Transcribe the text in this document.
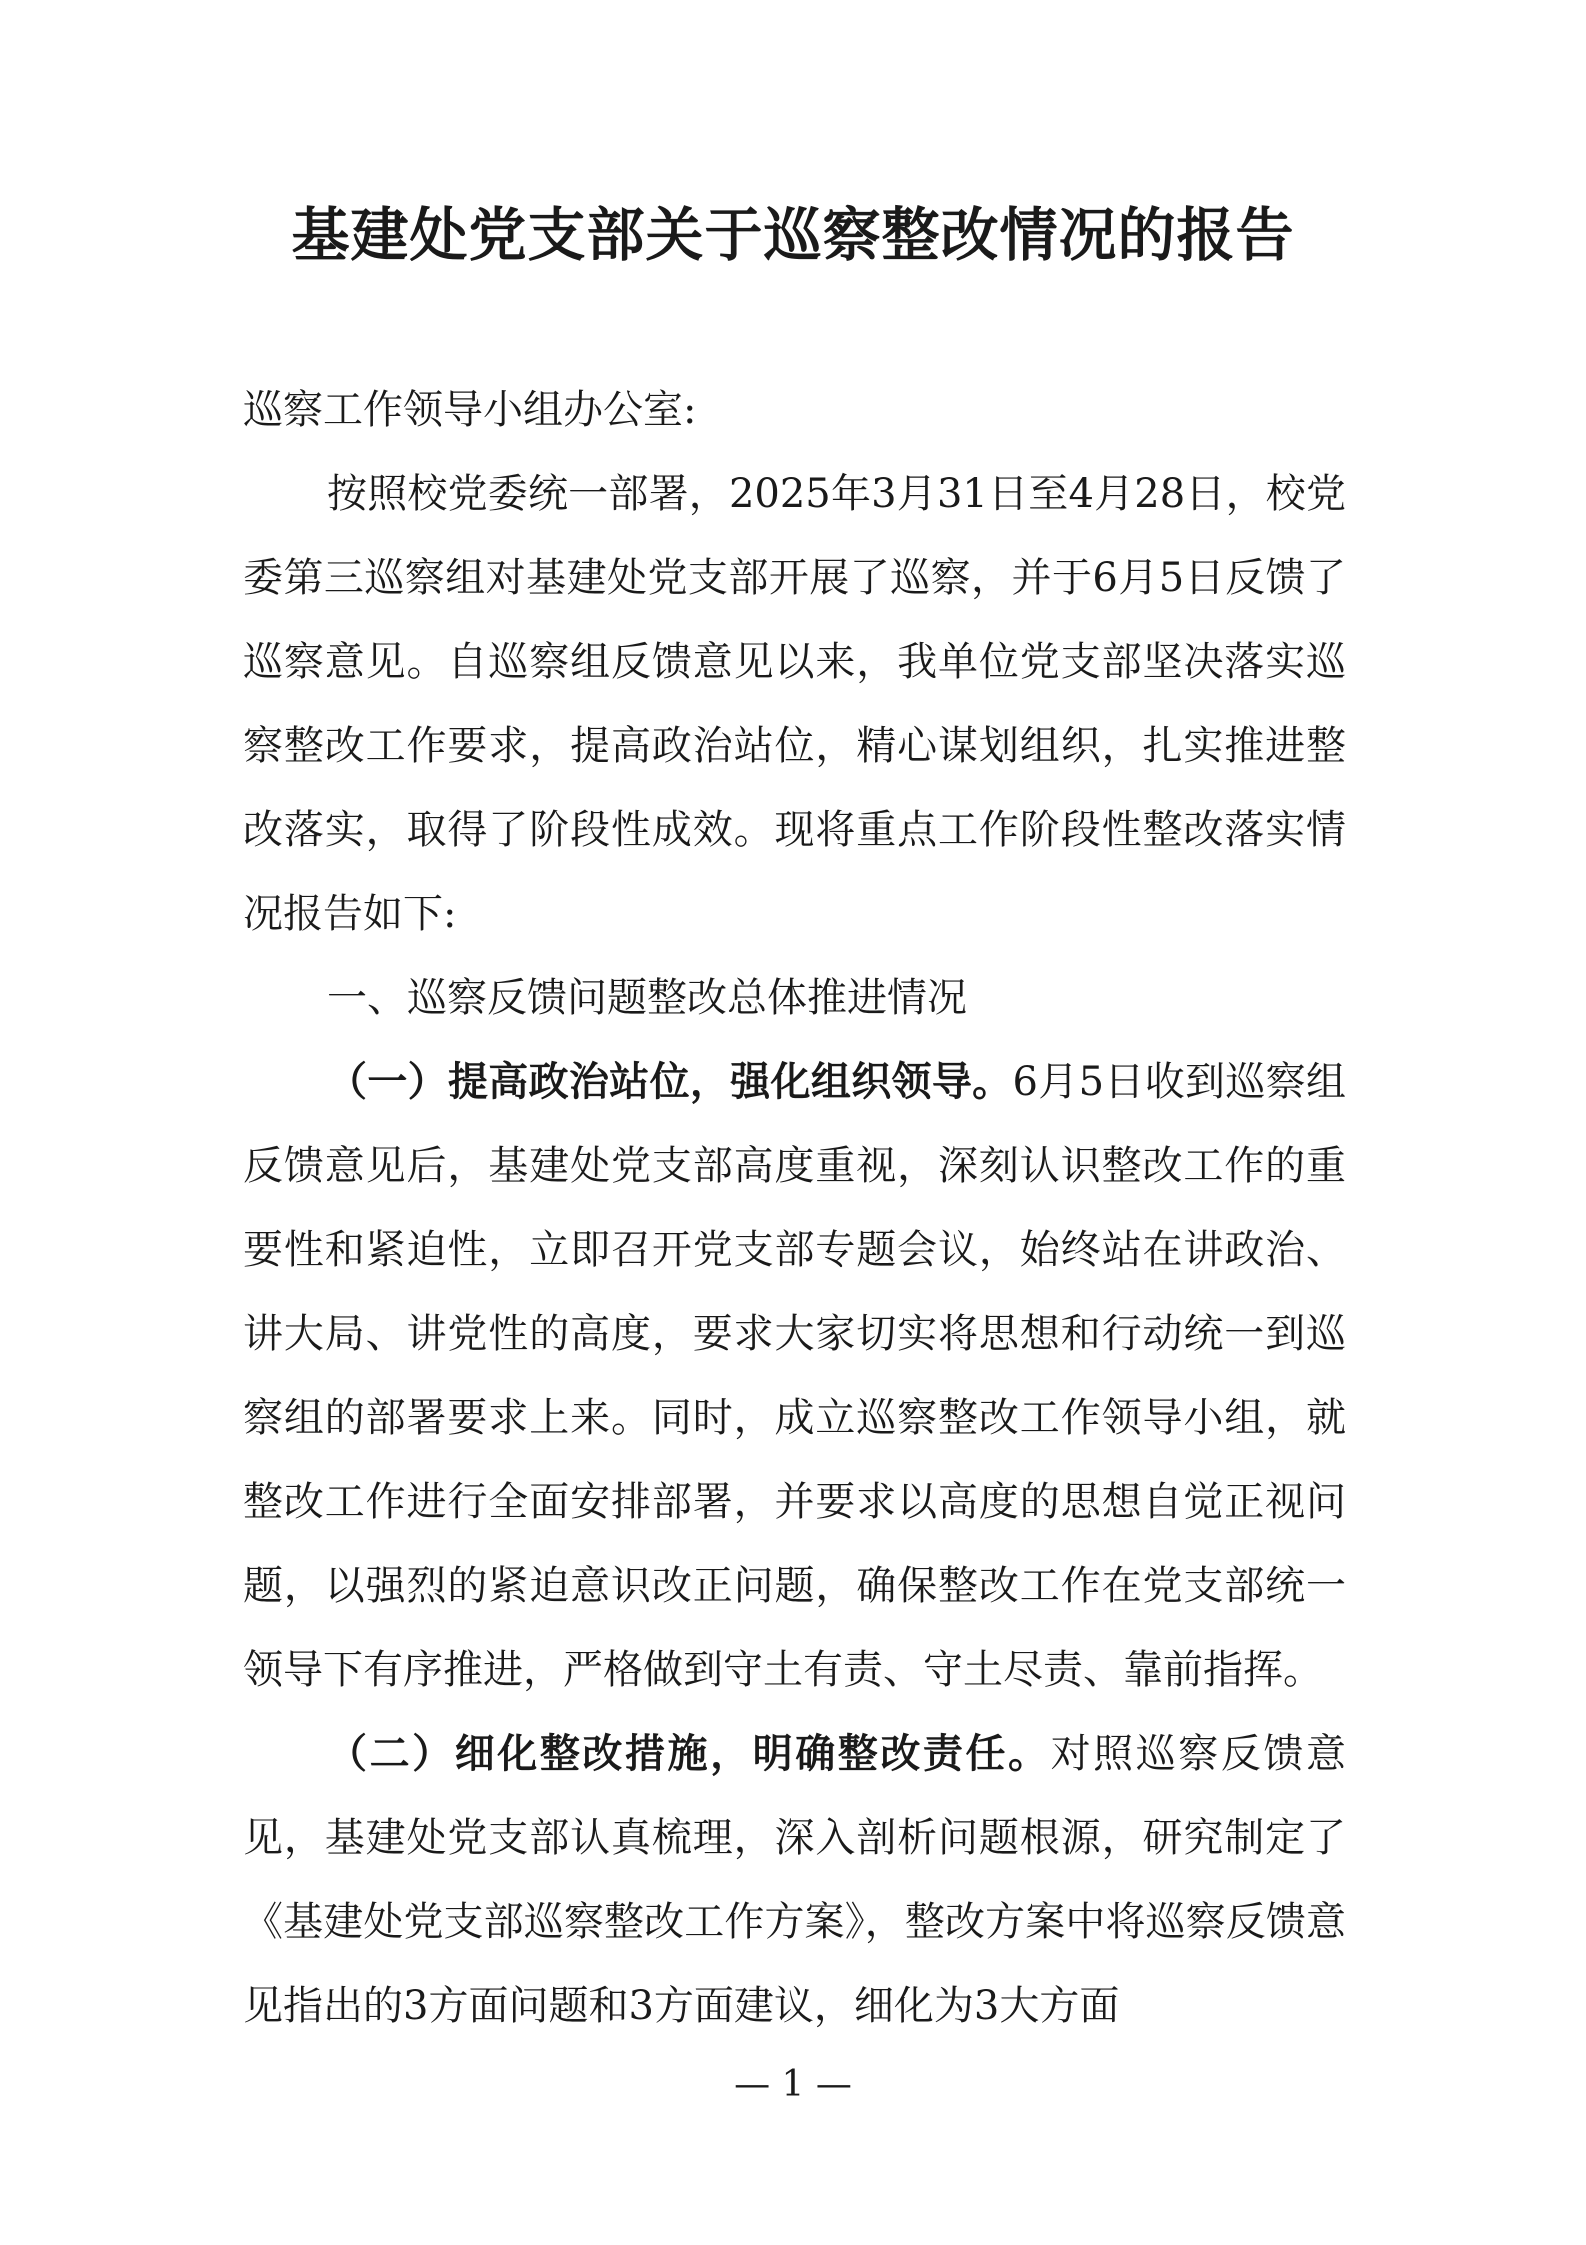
基建处党支部关于巡察整改情况的报告

巡察工作领导小组办公室:

按照校党委统一部署，2025年3月31日至4月28日，校党委第三巡察组对基建处党支部开展了巡察，并于6月5日反馈了巡察意见。自巡察组反馈意见以来，我单位党支部坚决落实巡察整改工作要求，提高政治站位，精心谋划组织，扎实推进整改落实，取得了阶段性成效。现将重点工作阶段性整改落实情况报告如下:

一、巡察反馈问题整改总体推进情况

（一）提高政治站位，强化组织领导。6月5日收到巡察组反馈意见后，基建处党支部高度重视，深刻认识整改工作的重要性和紧迫性，立即召开党支部专题会议，始终站在讲政治、讲大局、讲党性的高度，要求大家切实将思想和行动统一到巡察组的部署要求上来。同时，成立巡察整改工作领导小组，就整改工作进行全面安排部署，并要求以高度的思想自觉正视问题，以强烈的紧迫意识改正问题，确保整改工作在党支部统一领导下有序推进，严格做到守土有责、守土尽责、靠前指挥。

（二）细化整改措施，明确整改责任。对照巡察反馈意见，基建处党支部认真梳理，深入剖析问题根源，研究制定了《基建处党支部巡察整改工作方案》，整改方案中将巡察反馈意见指出的3方面问题和3方面建议，细化为3大方面

— 1 —
